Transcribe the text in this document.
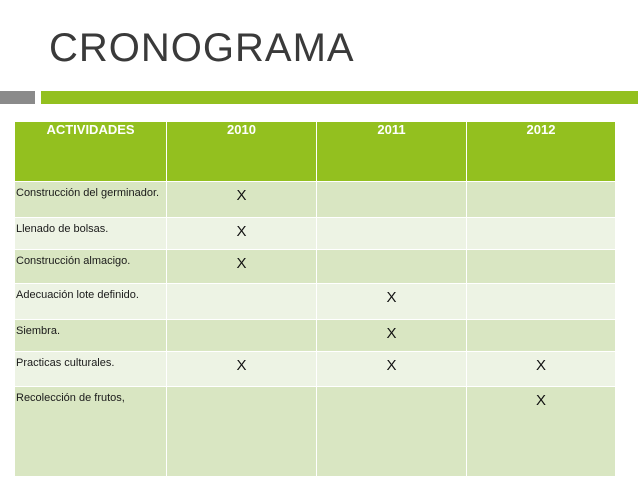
CRONOGRAMA
ACTIVIDADES	2010	2011	2012
Construcción del germinador.	X		
Llenado de bolsas.	X		
Construcción almacigo.	X		
Adecuación lote definido.		X	
Siembra.		X	
Practicas culturales.	X	X	X
Recolección de frutos,			X
